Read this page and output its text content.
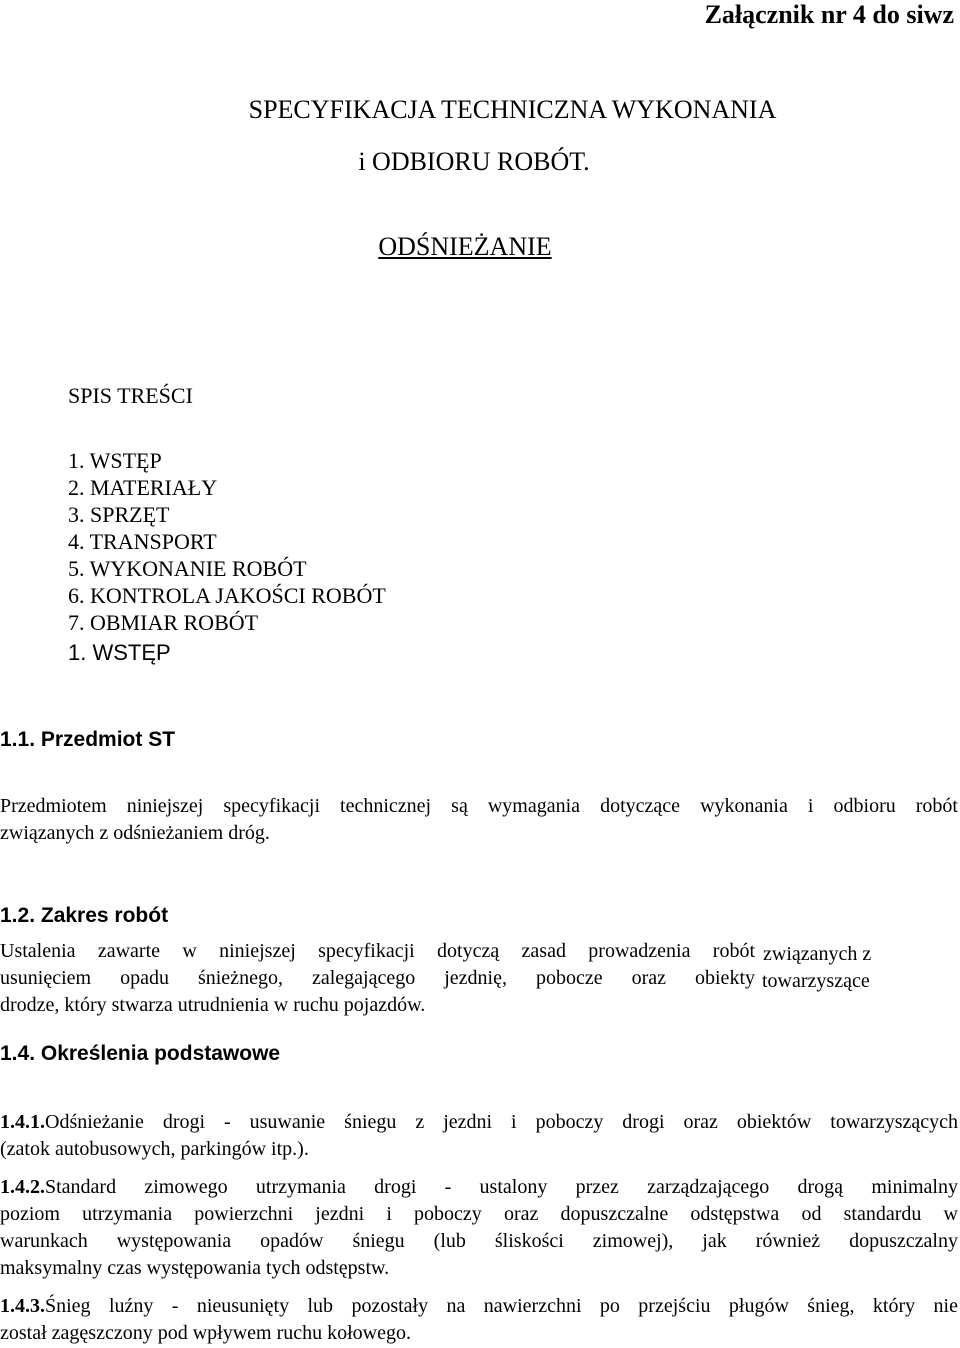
Załącznik nr 4 do siwz
SPECYFIKACJA TECHNICZNA WYKONANIA
i ODBIORU ROBÓT.
ODŚNIEŻANIE
SPIS TREŚCI
1. WSTĘP
2. MATERIAŁY
3. SPRZĘT
4. TRANSPORT
5. WYKONANIE ROBÓT
6. KONTROLA JAKOŚCI ROBÓT
7. OBMIAR ROBÓT
1. WSTĘP
1.1. Przedmiot ST
Przedmiotem niniejszej specyfikacji technicznej są wymagania dotyczące wykonania i odbioru robót
związanych z odśnieżaniem dróg.
1.2. Zakres robót
Ustalenia zawarte w niniejszej specyfikacji dotyczą zasad prowadzenia robót związanych z
usunięciem opadu śnieżnego, zalegającego jezdnię, pobocze oraz obiekty towarzyszące
drodze, który stwarza utrudnienia w ruchu pojazdów.
1.4. Określenia podstawowe
1.4.1.Odśnieżanie drogi - usuwanie śniegu z jezdni i poboczy drogi oraz obiektów towarzyszących
(zatok autobusowych, parkingów itp.).
1.4.2.Standard zimowego utrzymania drogi - ustalony przez zarządzającego drogą minimalny
poziom utrzymania powierzchni jezdni i poboczy oraz dopuszczalne odstępstwa od standardu w
warunkach występowania opadów śniegu (lub śliskości zimowej), jak również dopuszczalny
maksymalny czas występowania tych odstępstw.
1.4.3.Śnieg luźny - nieusunięty lub pozostały na nawierzchni po przejściu pługów śnieg, który nie
został zagęszczony pod wpływem ruchu kołowego.
